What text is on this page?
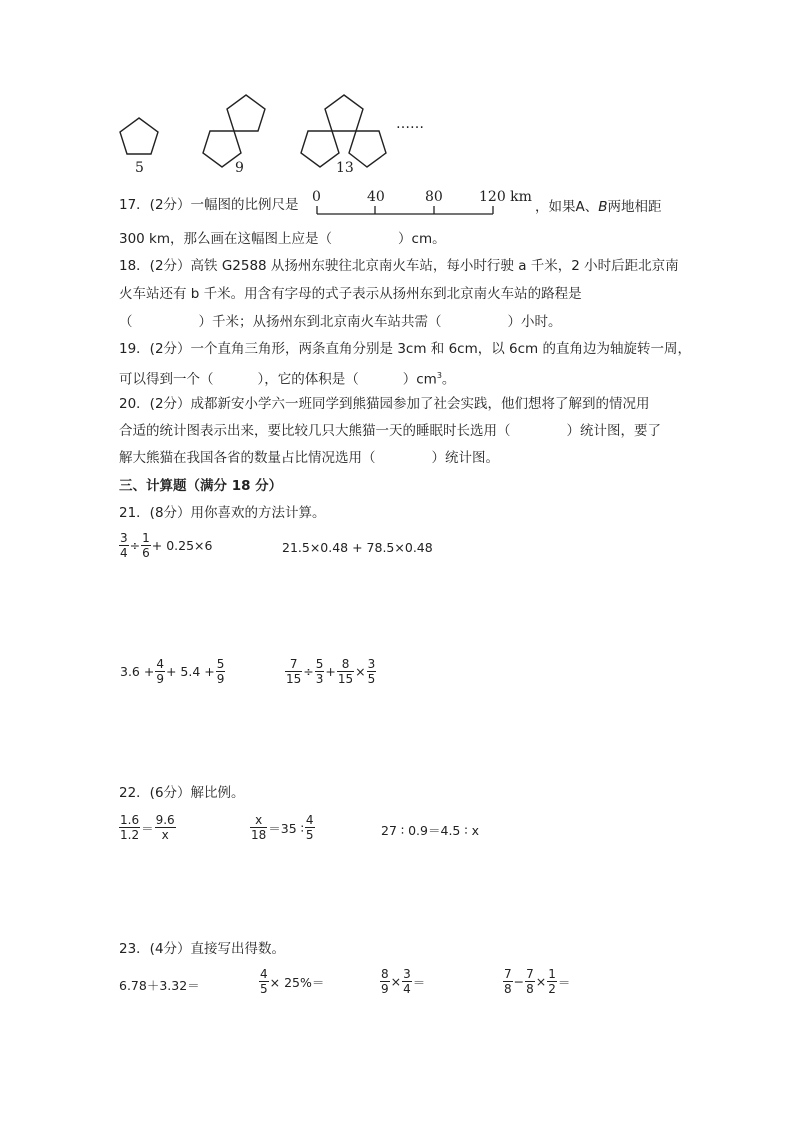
5	9	13
……
17．(2分）一幅图的比例尺是 0	40	80	120 km
，如果A、B两地相距
300 km，那么画在这幅图上应是（	）cm。
18．(2分）高铁 G2588 从扬州东驶往北京南火车站，每小时行驶 a 千米，2 小时后距北京南
火车站还有 b 千米。用含有字母的式子表示从扬州东到北京南火车站的路程是
（	）千米；从扬州东到北京南火车站共需（	）小时。
19．(2分）一个直角三角形，两条直角分别是 3cm 和 6cm，以 6cm 的直角边为轴旋转一周，
可以得到一个（	），它的体积是（	）$cm^3$。
20．(2分）成都新安小学六一班同学到熊猫园参加了社会实践，他们想将了解到的情况用
合适的统计图表示出来，要比较几只大熊猫一天的睡眠时长选用（	）统计图，要了
解大熊猫在我国各省的数量占比情况选用（	）统计图。
三、计算题（满分 18 分）
21．(8分）用你喜欢的方法计算。
$\frac{3}{4} \div \frac{1}{6} + 0.25\times 6$	21.5×0.48 + 78.5×0.48
$3.6 + \frac{4}{9} + 5.4 + \frac{5}{9}$	$\frac{7}{15} \div \frac{5}{3} + \frac{8}{15} \times \frac{3}{5}$
22．(6分）解比例。
$\frac{1.6}{1.2} = \frac{9.6}{x}$	$\frac{x}{18} =35$ ∶ $\frac{4}{5}$	27 ∶ 0.9＝4.5 ∶ x
23．(4分）直接写出得数。
6.78＋3.32＝	$\frac{4}{5} \times 25\%=$	$\frac{8}{9} \times \frac{3}{4}$ ＝	$\frac{7}{8} - \frac{7}{8} \times \frac{1}{2}$ ＝
